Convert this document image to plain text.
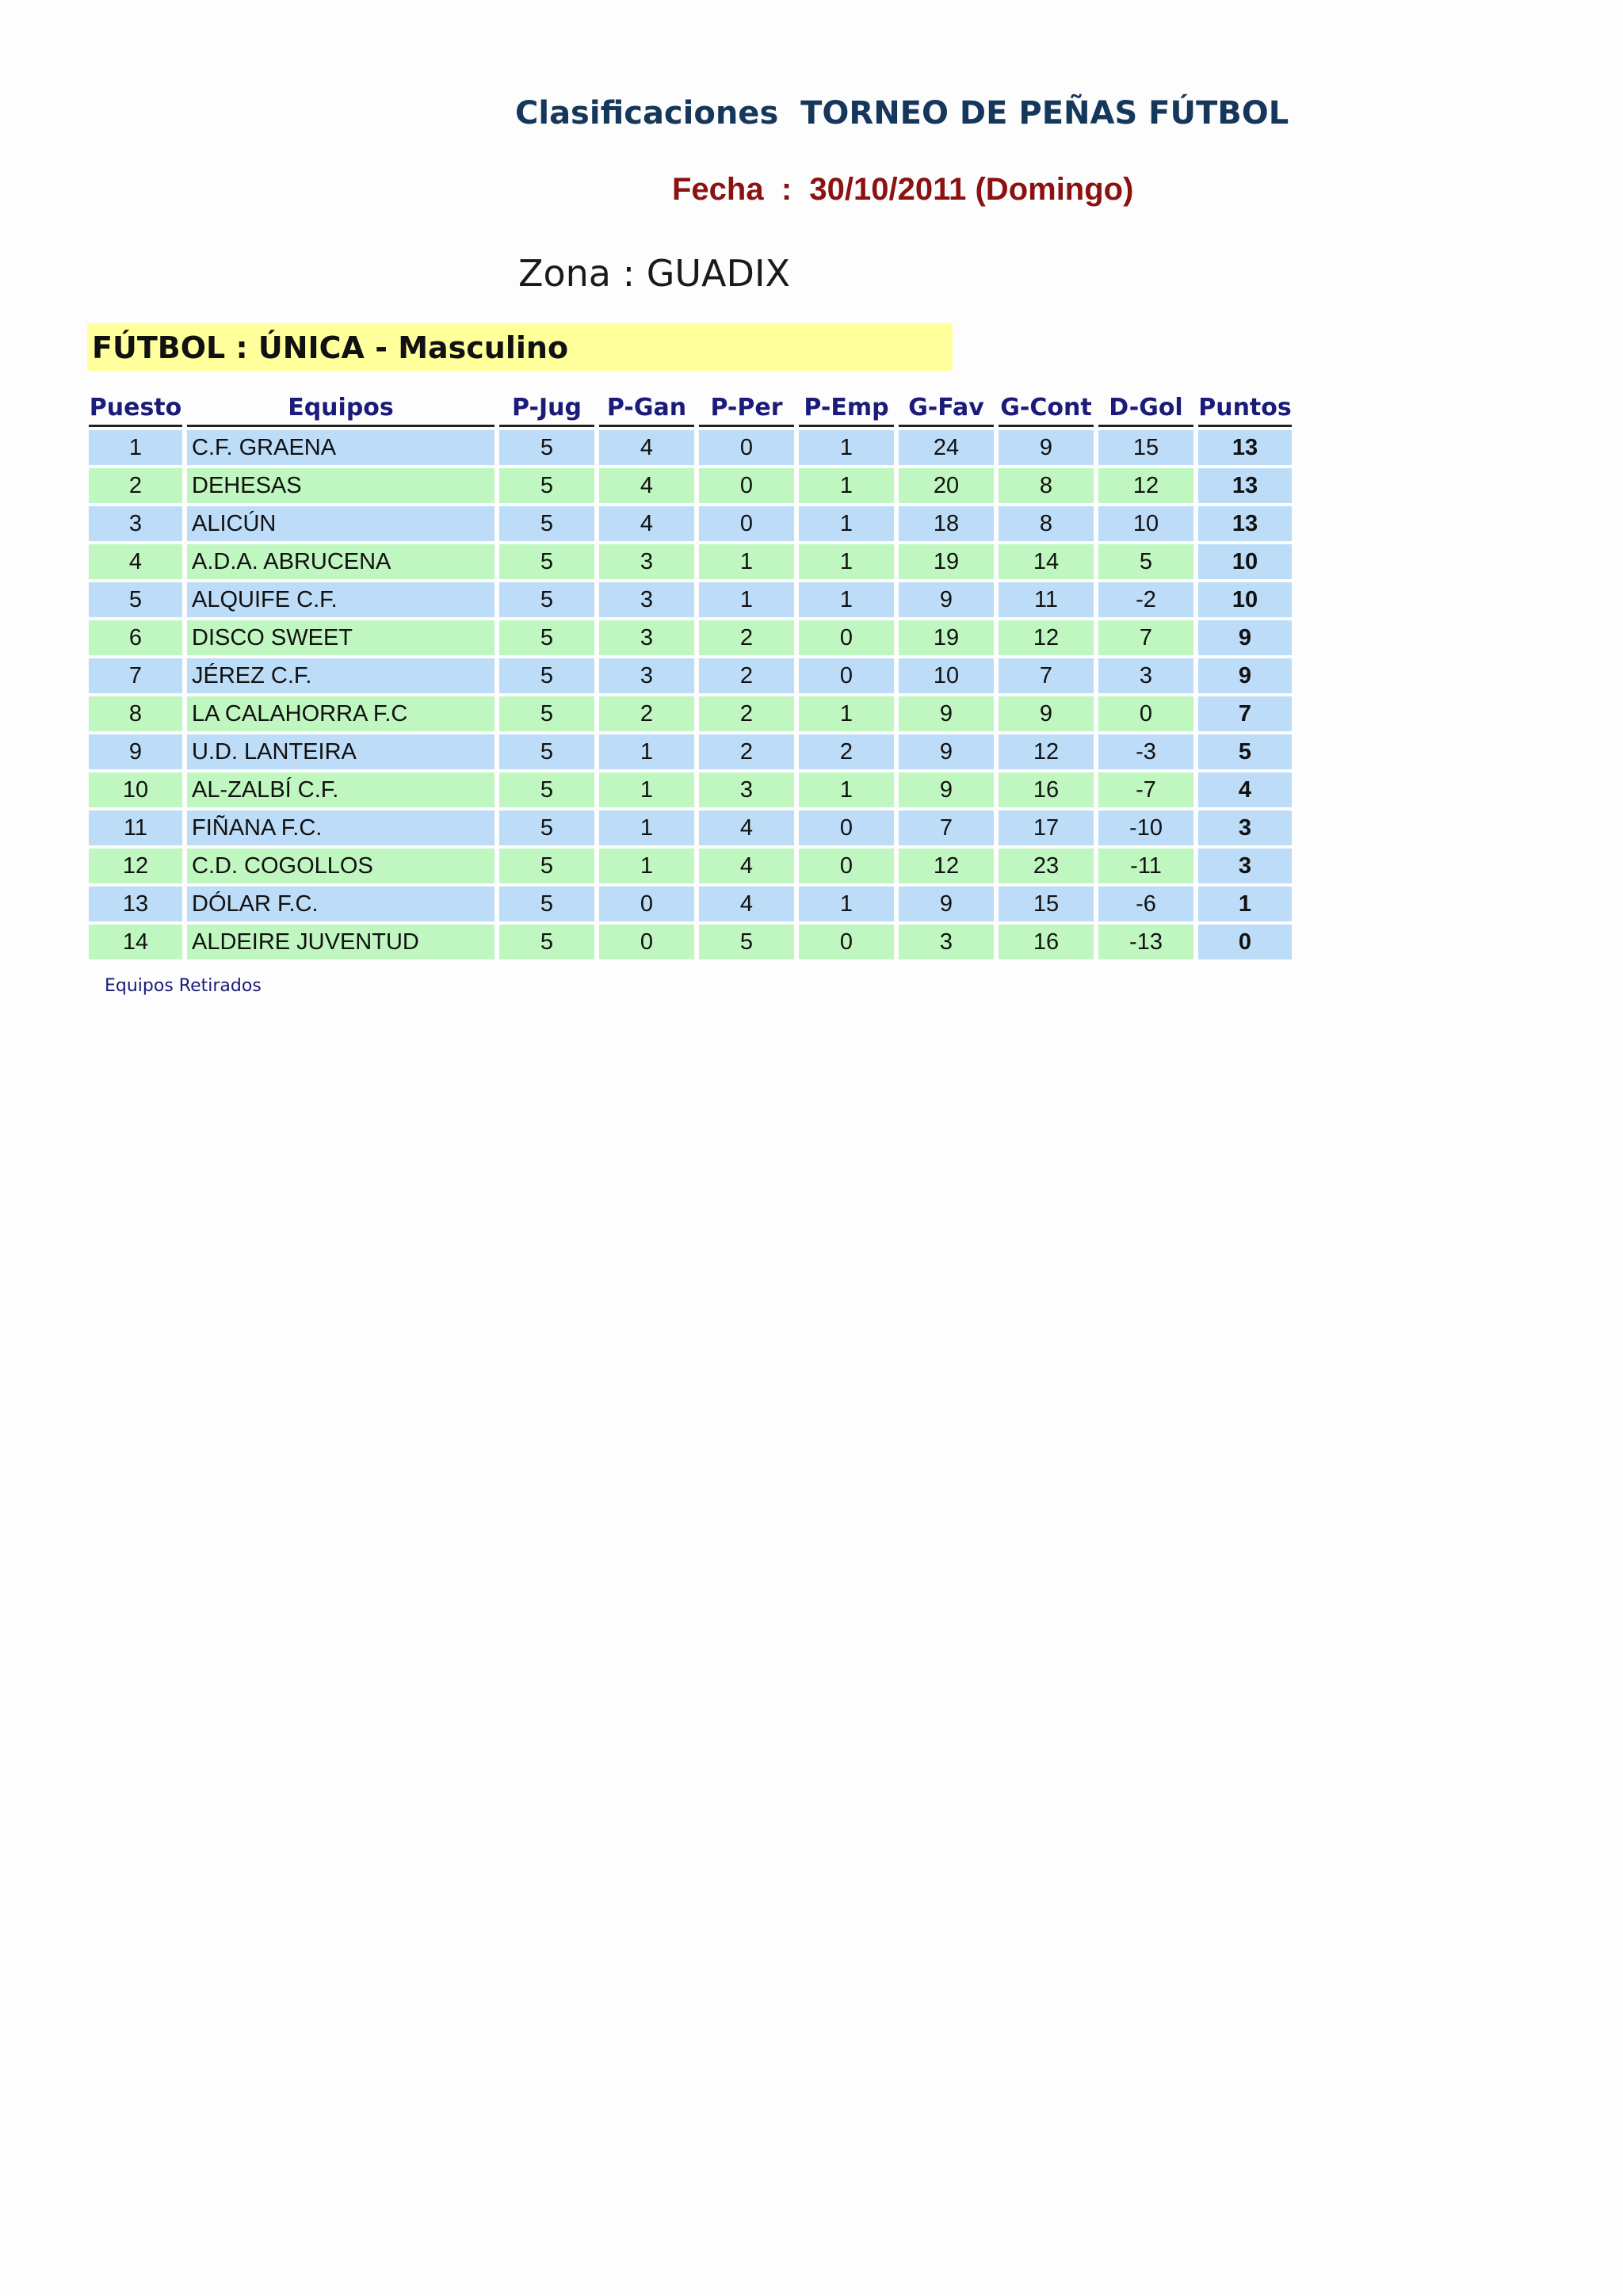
Clasificaciones  TORNEO DE PEÑAS FÚTBOL
Fecha  :  30/10/2011 (Domingo)
Zona : GUADIX
FÚTBOL : ÚNICA - Masculino
Puesto	Equipos	P-Jug	P-Gan	P-Per	P-Emp	G-Fav	G-Cont	D-Gol	Puntos
1	C.F. GRAENA	5	4	0	1	24	9	15	13
2	DEHESAS	5	4	0	1	20	8	12	13
3	ALICÚN	5	4	0	1	18	8	10	13
4	A.D.A. ABRUCENA	5	3	1	1	19	14	5	10
5	ALQUIFE C.F.	5	3	1	1	9	11	-2	10
6	DISCO SWEET	5	3	2	0	19	12	7	9
7	JÉREZ C.F.	5	3	2	0	10	7	3	9
8	LA CALAHORRA F.C	5	2	2	1	9	9	0	7
9	U.D. LANTEIRA	5	1	2	2	9	12	-3	5
10	AL-ZALBÍ C.F.	5	1	3	1	9	16	-7	4
11	FIÑANA F.C.	5	1	4	0	7	17	-10	3
12	C.D. COGOLLOS	5	1	4	0	12	23	-11	3
13	DÓLAR F.C.	5	0	4	1	9	15	-6	1
14	ALDEIRE JUVENTUD	5	0	5	0	3	16	-13	0
Equipos Retirados
